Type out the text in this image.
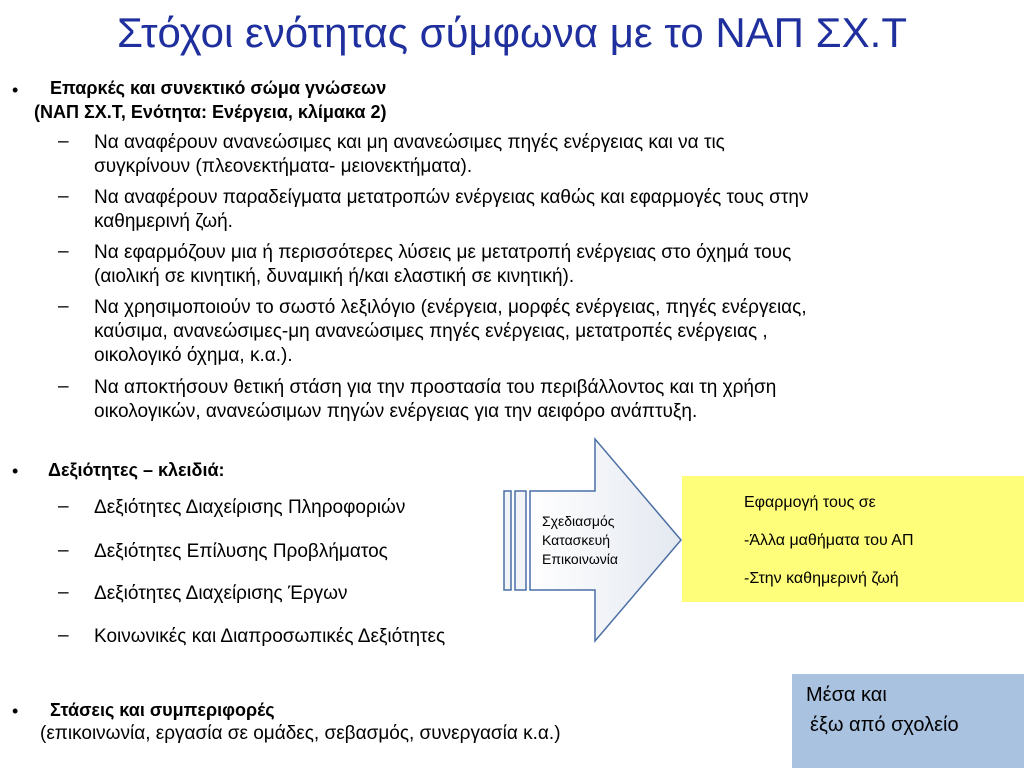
Στόχοι ενότητας σύμφωνα με το ΝΑΠ ΣΧ.Τ
• Επαρκές και συνεκτικό σώμα γνώσεων
(ΝΑΠ ΣΧ.Τ, Ενότητα: Ενέργεια, κλίμακα 2)
– Να αναφέρουν ανανεώσιμες και μη ανανεώσιμες πηγές ενέργειας και να τις
συγκρίνουν (πλεονεκτήματα- μειονεκτήματα).
– Να αναφέρουν παραδείγματα μετατροπών ενέργειας καθώς και εφαρμογές τους στην
καθημερινή ζωή.
– Να εφαρμόζουν μια ή περισσότερες λύσεις με μετατροπή ενέργειας στο όχημά τους
(αιολική σε κινητική, δυναμική ή/και ελαστική σε κινητική).
– Να χρησιμοποιούν το σωστό λεξιλόγιο (ενέργεια, μορφές ενέργειας, πηγές ενέργειας,
καύσιμα, ανανεώσιμες-μη ανανεώσιμες πηγές ενέργειας, μετατροπές ενέργειας ,
οικολογικό όχημα, κ.α.).
– Να αποκτήσουν θετική στάση για την προστασία του περιβάλλοντος και τη χρήση
οικολογικών, ανανεώσιμων πηγών ενέργειας για την αειφόρο ανάπτυξη.
• Δεξιότητες – κλειδιά:
– Δεξιότητες Διαχείρισης Πληροφοριών
– Δεξιότητες Επίλυσης Προβλήματος
– Δεξιότητες Διαχείρισης Έργων
– Κοινωνικές και Διαπροσωπικές Δεξιότητες
Σχεδιασμός
Κατασκευή
Επικοινωνία
Εφαρμογή τους σε
-Άλλα μαθήματα του ΑΠ
-Στην καθημερινή ζωή
• Στάσεις και συμπεριφορές
(επικοινωνία, εργασία σε ομάδες, σεβασμός, συνεργασία κ.α.)
Μέσα και
έξω από σχολείο
